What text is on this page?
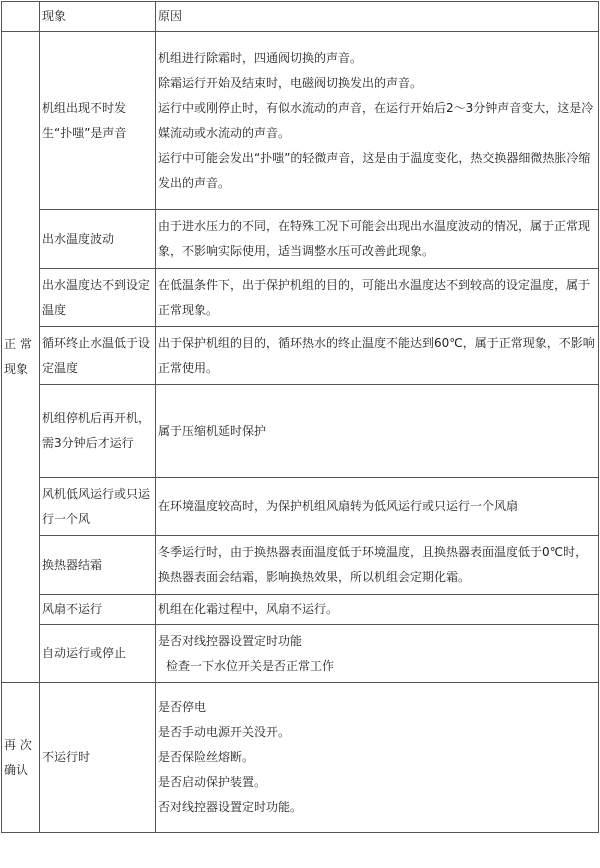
	现象	原因
正 常现象	机组出现不时发生“扑嗤”是声音	机组进行除霜时，四通阀切换的声音。
除霜运行开始及结束时，电磁阀切换发出的声音。
运行中或刚停止时，有似水流动的声音，在运行开始后2～3分钟声音变大，这是冷媒流动或水流动的声音。
运行中可能会发出“扑嗤”的轻微声音，这是由于温度变化，热交换器细微热胀冷缩发出的声音。

	出水温度波动	由于进水压力的不同，在特殊工况下可能会出现出水温度波动的情况，属于正常现象，不影响实际使用，适当调整水压可改善此现象。
	出水温度达不到设定温度	在低温条件下，出于保护机组的目的，可能出水温度达不到较高的设定温度，属于正常现象。
	循环终止水温低于设定温度	出于保护机组的目的，循环热水的终止温度不能达到60℃，属于正常现象，不影响正常使用。
	机组停机后再开机，需3分钟后才运行	属于压缩机延时保护
	风机低风运行或只运行一个风	在环境温度较高时，为保护机组风扇转为低风运行或只运行一个风扇
	换热器结霜	冬季运行时，由于换热器表面温度低于环境温度，且换热器表面温度低于0℃时，换热器表面会结霜，影响换热效果，所以机组会定期化霜。
	风扇不运行	机组在化霜过程中，风扇不运行。
	自动运行或停止	是否对线控器设置定时功能
检查一下水位开关是否正常工作

再 次确认	不运行时	是否停电
是否手动电源开关没开。
是否保险丝熔断。
是否启动保护装置。
否对线控器设置定时功能。
